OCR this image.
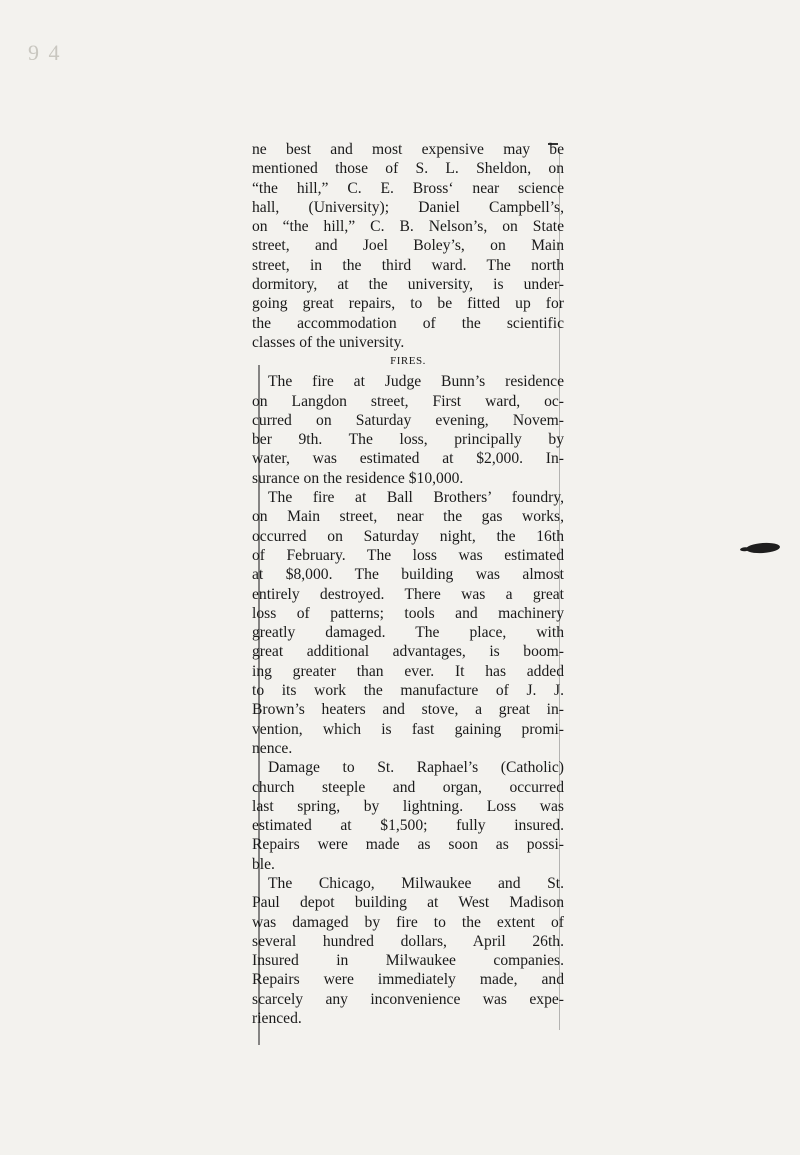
9 4
ne best and most expensive may be
mentioned those of S. L. Sheldon, on
“the hill,” C. E. Bross‘ near science
hall, (University); Daniel Campbell’s,
on “the hill,” C. B. Nelson’s, on State
street, and Joel Boley’s, on Main
street, in the third ward. The north
dormitory, at the university, is under-
going great repairs, to be fitted up for
the accommodation of the scientific
classes of the university.
FIRES.
The fire at Judge Bunn’s residence
on Langdon street, First ward, oc-
curred on Saturday evening, Novem-
ber 9th. The loss, principally by
water, was estimated at $2,000. In-
surance on the residence $10,000.
The fire at Ball Brothers’ foundry,
on Main street, near the gas works,
occurred on Saturday night, the 16th
of February. The loss was estimated
at $8,000. The building was almost
entirely destroyed. There was a great
loss of patterns; tools and machinery
greatly damaged. The place, with
great additional advantages, is boom-
ing greater than ever. It has added
to its work the manufacture of J. J.
Brown’s heaters and stove, a great in-
vention, which is fast gaining promi-
nence.
Damage to St. Raphael’s (Catholic)
church steeple and organ, occurred
last spring, by lightning. Loss was
estimated at $1,500; fully insured.
Repairs were made as soon as possi-
ble.
The Chicago, Milwaukee and St.
Paul depot building at West Madison
was damaged by fire to the extent of
several hundred dollars, April 26th.
Insured in Milwaukee companies.
Repairs were immediately made, and
scarcely any inconvenience was expe-
rienced.
